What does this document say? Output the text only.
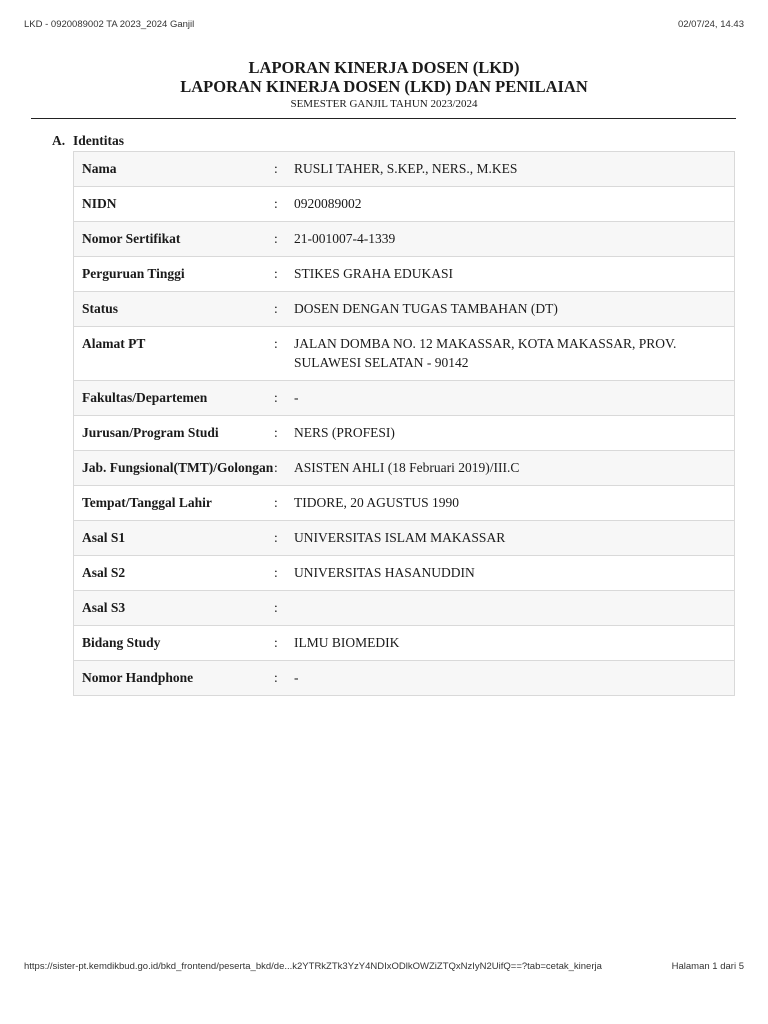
LKD - 0920089002 TA 2023_2024 Ganjil	02/07/24, 14.43
LAPORAN KINERJA DOSEN (LKD)
LAPORAN KINERJA DOSEN (LKD) DAN PENILAIAN
SEMESTER GANJIL TAHUN 2023/2024
A. Identitas
Nama	:	RUSLI TAHER, S.KEP., NERS., M.KES
NIDN	:	0920089002
Nomor Sertifikat	:	21-001007-4-1339
Perguruan Tinggi	:	STIKES GRAHA EDUKASI
Status	:	DOSEN DENGAN TUGAS TAMBAHAN (DT)
Alamat PT	:	JALAN DOMBA NO. 12 MAKASSAR, KOTA MAKASSAR, PROV. SULAWESI SELATAN - 90142
Fakultas/Departemen	:	-
Jurusan/Program Studi	:	NERS (PROFESI)
Jab. Fungsional(TMT)/Golongan	:	ASISTEN AHLI (18 Februari 2019)/III.C
Tempat/Tanggal Lahir	:	TIDORE, 20 AGUSTUS 1990
Asal S1	:	UNIVERSITAS ISLAM MAKASSAR
Asal S2	:	UNIVERSITAS HASANUDDIN
Asal S3	:	
Bidang Study	:	ILMU BIOMEDIK
Nomor Handphone	:	-
https://sister-pt.kemdikbud.go.id/bkd_frontend/peserta_bkd/de...k2YTRkZTk3YzY4NDIxODlkOWZiZTQxNzIyN2UifQ==?tab=cetak_kinerja	Halaman 1 dari 5
